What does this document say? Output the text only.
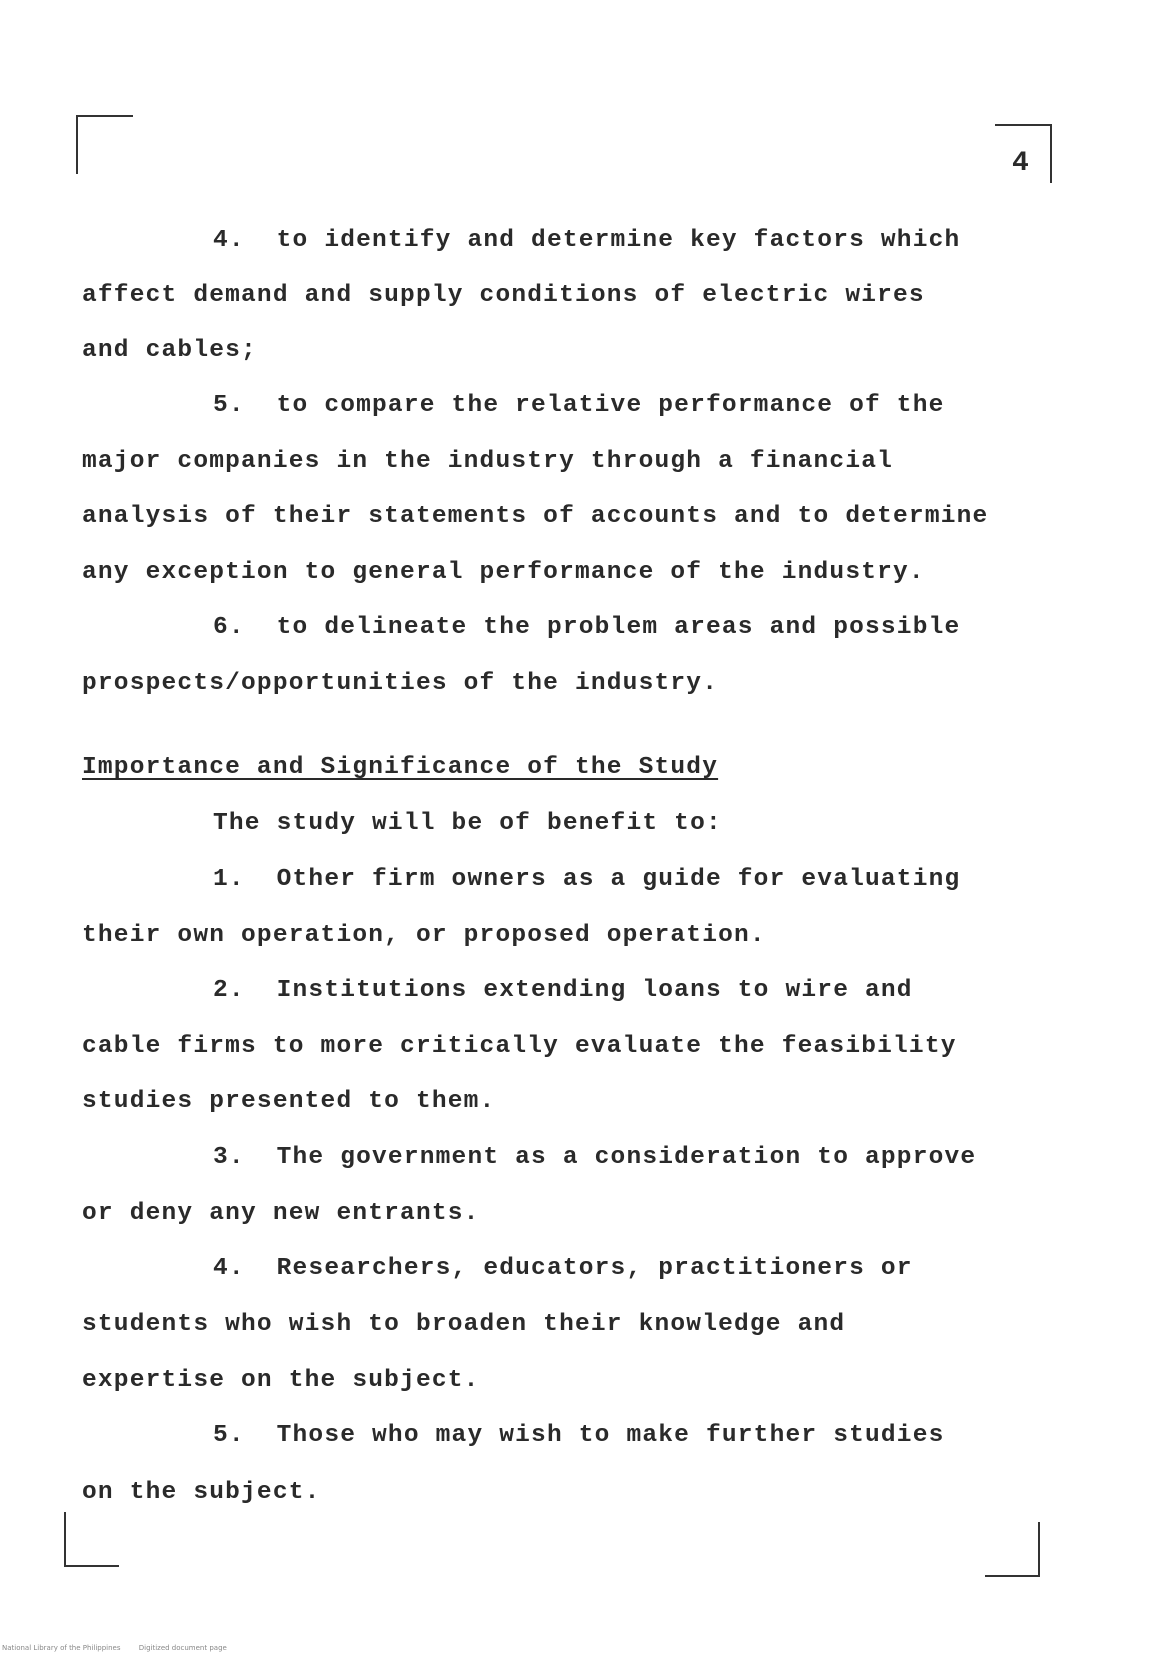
4
4.  to identify and determine key factors which
affect demand and supply conditions of electric wires
and cables;
5.  to compare the relative performance of the
major companies in the industry through a financial
analysis of their statements of accounts and to determine
any exception to general performance of the industry.
6.  to delineate the problem areas and possible
prospects/opportunities of the industry.
Importance and Significance of the Study
The study will be of benefit to:
1.  Other firm owners as a guide for evaluating
their own operation, or proposed operation.
2.  Institutions extending loans to wire and
cable firms to more critically evaluate the feasibility
studies presented to them.
3.  The government as a consideration to approve
or deny any new entrants.
4.  Researchers, educators, practitioners or
students who wish to broaden their knowledge and
expertise on the subject.
5.  Those who may wish to make further studies
on the subject.
National Library of the Philippines	Digitized document page
